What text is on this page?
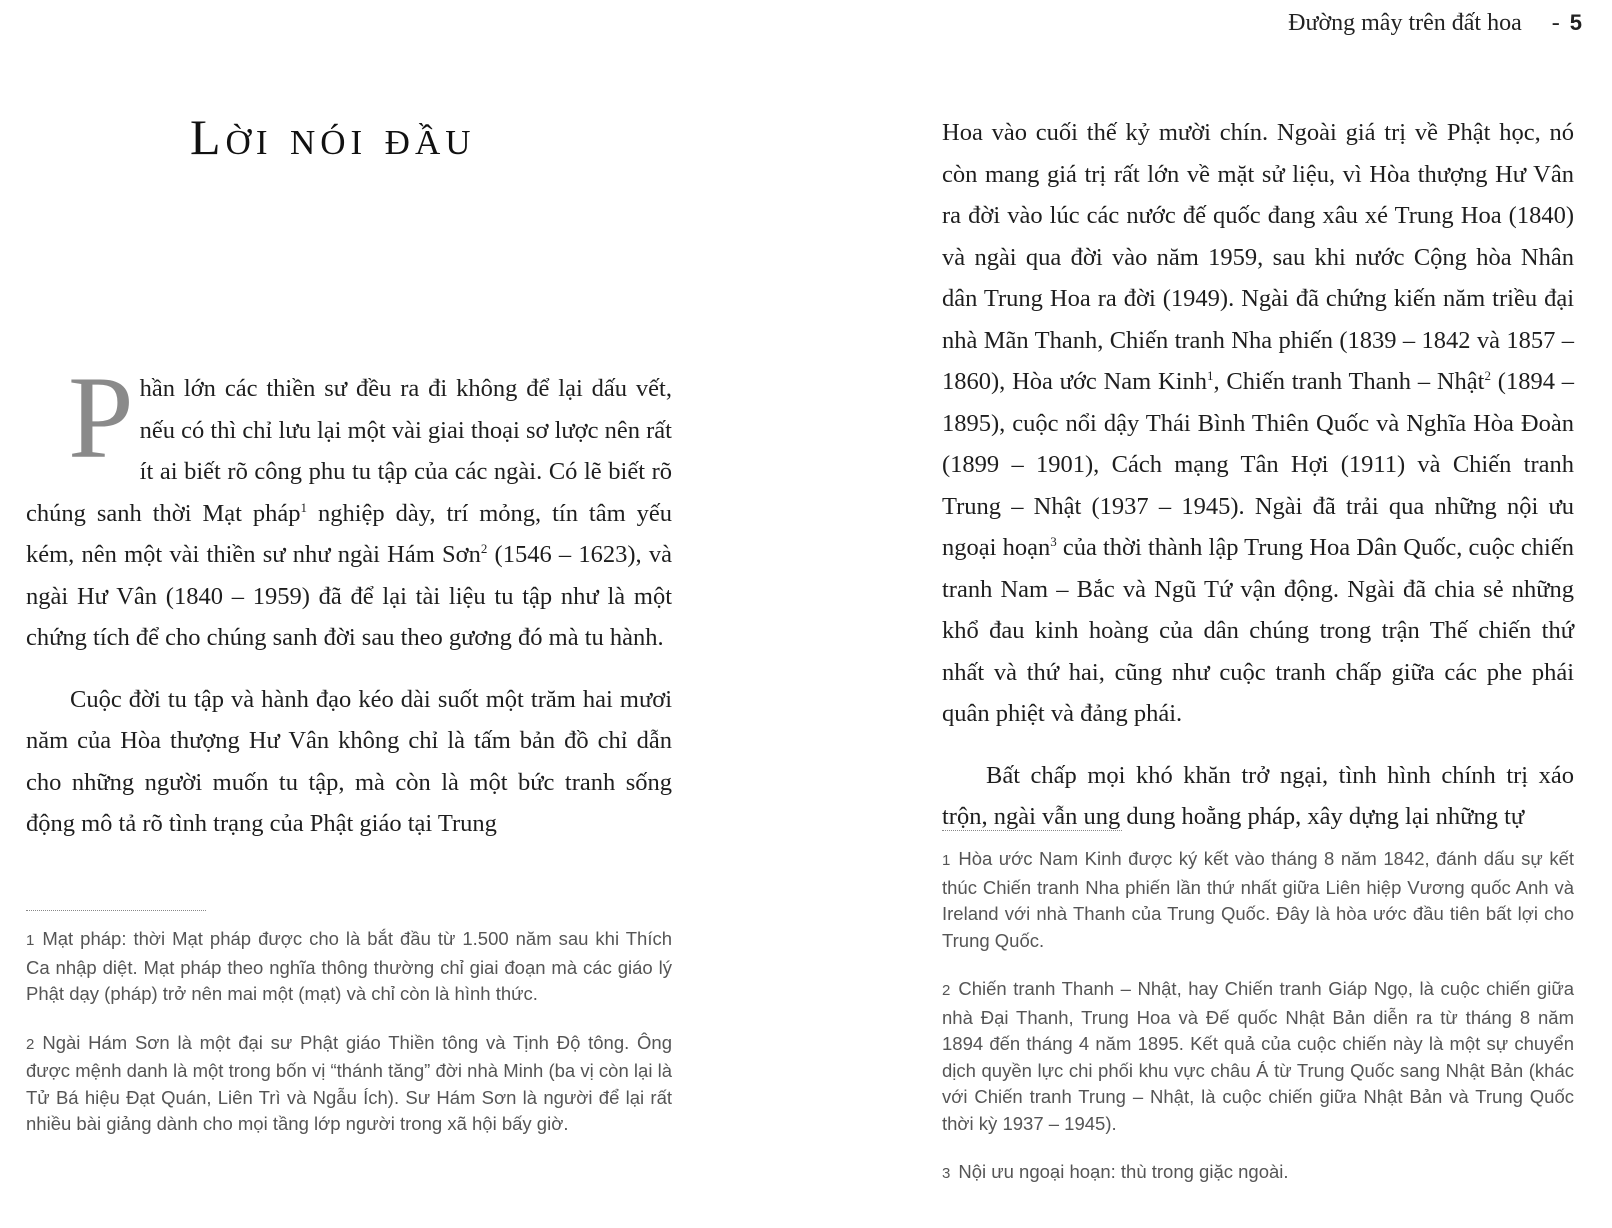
Lời nói đầu

Phần lớn các thiền sư đều ra đi không để lại dấu vết, nếu có thì chỉ lưu lại một vài giai thoại sơ lược nên rất ít ai biết rõ công phu tu tập của các ngài. Có lẽ biết rõ chúng sanh thời Mạt pháp$^1$ nghiệp dày, trí mỏng, tín tâm yếu kém, nên một vài thiền sư như ngài Hám Sơn$^2$ (1546 – 1623), và ngài Hư Vân (1840 – 1959) đã để lại tài liệu tu tập như là một chứng tích để cho chúng sanh đời sau theo gương đó mà tu hành.

Cuộc đời tu tập và hành đạo kéo dài suốt một trăm hai mươi năm của Hòa thượng Hư Vân không chỉ là tấm bản đồ chỉ dẫn cho những người muốn tu tập, mà còn là một bức tranh sống động mô tả rõ tình trạng của Phật giáo tại Trung

1 Mạt pháp: thời Mạt pháp được cho là bắt đầu từ 1.500 năm sau khi Thích Ca nhập diệt. Mạt pháp theo nghĩa thông thường chỉ giai đoạn mà các giáo lý Phật dạy (pháp) trở nên mai một (mạt) và chỉ còn là hình thức.

2 Ngài Hám Sơn là một đại sư Phật giáo Thiền tông và Tịnh Độ tông. Ông được mệnh danh là một trong bốn vị “thánh tăng” đời nhà Minh (ba vị còn lại là Tử Bá hiệu Đạt Quán, Liên Trì và Ngẫu Ích). Sư Hám Sơn là người để lại rất nhiều bài giảng dành cho mọi tầng lớp người trong xã hội bấy giờ.

Đường mây trên đất hoa - 5

Hoa vào cuối thế kỷ mười chín. Ngoài giá trị về Phật học, nó còn mang giá trị rất lớn về mặt sử liệu, vì Hòa thượng Hư Vân ra đời vào lúc các nước đế quốc đang xâu xé Trung Hoa (1840) và ngài qua đời vào năm 1959, sau khi nước Cộng hòa Nhân dân Trung Hoa ra đời (1949). Ngài đã chứng kiến năm triều đại nhà Mãn Thanh, Chiến tranh Nha phiến (1839 – 1842 và 1857 – 1860), Hòa ước Nam Kinh$^1$, Chiến tranh Thanh – Nhật$^2$ (1894 – 1895), cuộc nổi dậy Thái Bình Thiên Quốc và Nghĩa Hòa Đoàn (1899 – 1901), Cách mạng Tân Hợi (1911) và Chiến tranh Trung – Nhật (1937 – 1945). Ngài đã trải qua những nội ưu ngoại hoạn$^3$ của thời thành lập Trung Hoa Dân Quốc, cuộc chiến tranh Nam – Bắc và Ngũ Tứ vận động. Ngài đã chia sẻ những khổ đau kinh hoàng của dân chúng trong trận Thế chiến thứ nhất và thứ hai, cũng như cuộc tranh chấp giữa các phe phái quân phiệt và đảng phái.

Bất chấp mọi khó khăn trở ngại, tình hình chính trị xáo trộn, ngài vẫn ung dung hoằng pháp, xây dựng lại những tự

1 Hòa ước Nam Kinh được ký kết vào tháng 8 năm 1842, đánh dấu sự kết thúc Chiến tranh Nha phiến lần thứ nhất giữa Liên hiệp Vương quốc Anh và Ireland với nhà Thanh của Trung Quốc. Đây là hòa ước đầu tiên bất lợi cho Trung Quốc.

2 Chiến tranh Thanh – Nhật, hay Chiến tranh Giáp Ngọ, là cuộc chiến giữa nhà Đại Thanh, Trung Hoa và Đế quốc Nhật Bản diễn ra từ tháng 8 năm 1894 đến tháng 4 năm 1895. Kết quả của cuộc chiến này là một sự chuyển dịch quyền lực chi phối khu vực châu Á từ Trung Quốc sang Nhật Bản (khác với Chiến tranh Trung – Nhật, là cuộc chiến giữa Nhật Bản và Trung Quốc thời kỳ 1937 – 1945).

3 Nội ưu ngoại hoạn: thù trong giặc ngoài.
